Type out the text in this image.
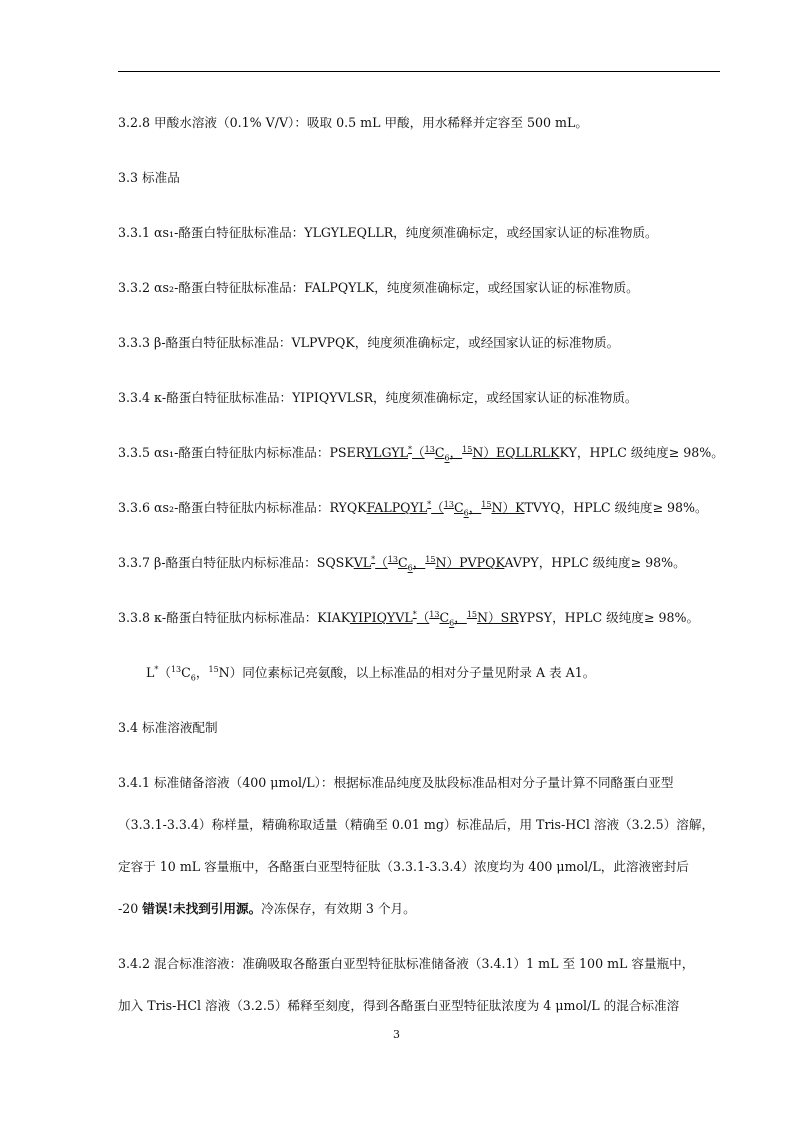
3.2.8 甲酸水溶液（0.1% V/V）：吸取 0.5 mL 甲酸，用水稀释并定容至 500 mL。
3.3 标准品
3.3.1 αs₁-酪蛋白特征肽标准品：YLGYLEQLLR，纯度须准确标定，或经国家认证的标准物质。
3.3.2 αs₂-酪蛋白特征肽标准品：FALPQYLK，纯度须准确标定，或经国家认证的标准物质。
3.3.3 β-酪蛋白特征肽标准品：VLPVPQK，纯度须准确标定，或经国家认证的标准物质。
3.3.4 κ-酪蛋白特征肽标准品：YIPIQYVLSR，纯度须准确标定，或经国家认证的标准物质。
3.3.5 αs₁-酪蛋白特征肽内标标准品：$PSERYLGYL^*(^{13}C_6$，$^{15}$N）EQLLRLKKY，HPLC 级纯度≥ 98%。
3.3.6 αs₂-酪蛋白特征肽内标标准品：$RYQKFALPQYL^*(^{13}C_6$，$^{15}$N）KTVYQ，HPLC 级纯度≥ 98%。
3.3.7 β-酪蛋白特征肽内标标准品：$SQSKVL^*(^{13}C_6$，$^{15}$N）PVPQKAVPY，HPLC 级纯度≥ 98%。
3.3.8 κ-酪蛋白特征肽内标标准品：$KIAKYIPIQYVL^*(^{13}C_6$，$^{15}$N）SRYPSY，HPLC 级纯度≥ 98%。
$L^*(^{13}C_6$，$^{15}$N）同位素标记亮氨酸，以上标准品的相对分子量见附录 A 表 A1。
3.4 标准溶液配制
3.4.1 标准储备溶液（400 μmol/L）：根据标准品纯度及肽段标准品相对分子量计算不同酪蛋白亚型
（3.3.1-3.3.4）称样量，精确称取适量（精确至 0.01 mg）标准品后，用 Tris-HCl 溶液（3.2.5）溶解，
定容于 10 mL 容量瓶中，各酪蛋白亚型特征肽（3.3.1-3.3.4）浓度均为 400 μmol/L，此溶液密封后
-20 错误!未找到引用源。冷冻保存，有效期 3 个月。
3.4.2 混合标准溶液：准确吸取各酪蛋白亚型特征肽标准储备液（3.4.1）1 mL 至 100 mL 容量瓶中，
加入 Tris-HCl 溶液（3.2.5）稀释至刻度，得到各酪蛋白亚型特征肽浓度为 4 μmol/L 的混合标准溶
3
